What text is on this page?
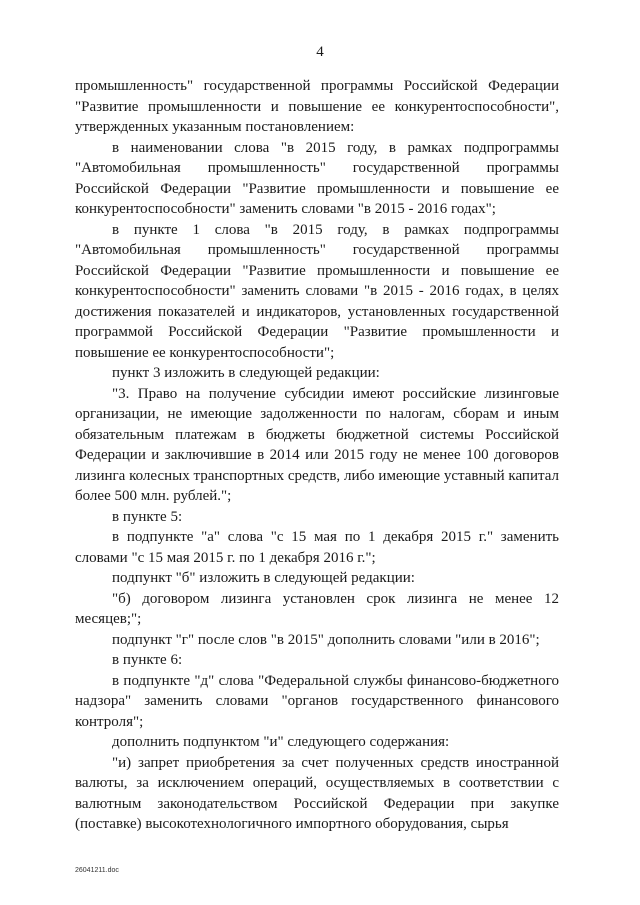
4

промышленность" государственной программы Российской Федерации "Развитие промышленности и повышение ее конкурентоспособности", утвержденных указанным постановлением:

в наименовании слова "в 2015 году, в рамках подпрограммы "Автомобильная промышленность" государственной программы Российской Федерации "Развитие промышленности и повышение ее конкурентоспособности" заменить словами "в 2015 - 2016 годах";

в пункте 1 слова "в 2015 году, в рамках подпрограммы "Автомобильная промышленность" государственной программы Российской Федерации "Развитие промышленности и повышение ее конкурентоспособности" заменить словами "в 2015 - 2016 годах, в целях достижения показателей и индикаторов, установленных государственной программой Российской Федерации "Развитие промышленности и повышение ее конкурентоспособности";

пункт 3 изложить в следующей редакции:

"3. Право на получение субсидии имеют российские лизинговые организации, не имеющие задолженности по налогам, сборам и иным обязательным платежам в бюджеты бюджетной системы Российской Федерации и заключившие в 2014 или 2015 году не менее 100 договоров лизинга колесных транспортных средств, либо имеющие уставный капитал более 500 млн. рублей.";

в пункте 5:

в подпункте "а" слова "с 15 мая по 1 декабря 2015 г." заменить словами "с 15 мая 2015 г. по 1 декабря 2016 г.";

подпункт "б" изложить в следующей редакции:

"б) договором лизинга установлен срок лизинга не менее 12 месяцев;";

подпункт "г" после слов "в 2015" дополнить словами "или в 2016";

в пункте 6:

в подпункте "д" слова "Федеральной службы финансово-бюджетного надзора" заменить словами "органов государственного финансового контроля";

дополнить подпунктом "и" следующего содержания:

"и) запрет приобретения за счет полученных средств иностранной валюты, за исключением операций, осуществляемых в соответствии с валютным законодательством Российской Федерации при закупке (поставке) высокотехнологичного импортного оборудования, сырья

26041211.doc
